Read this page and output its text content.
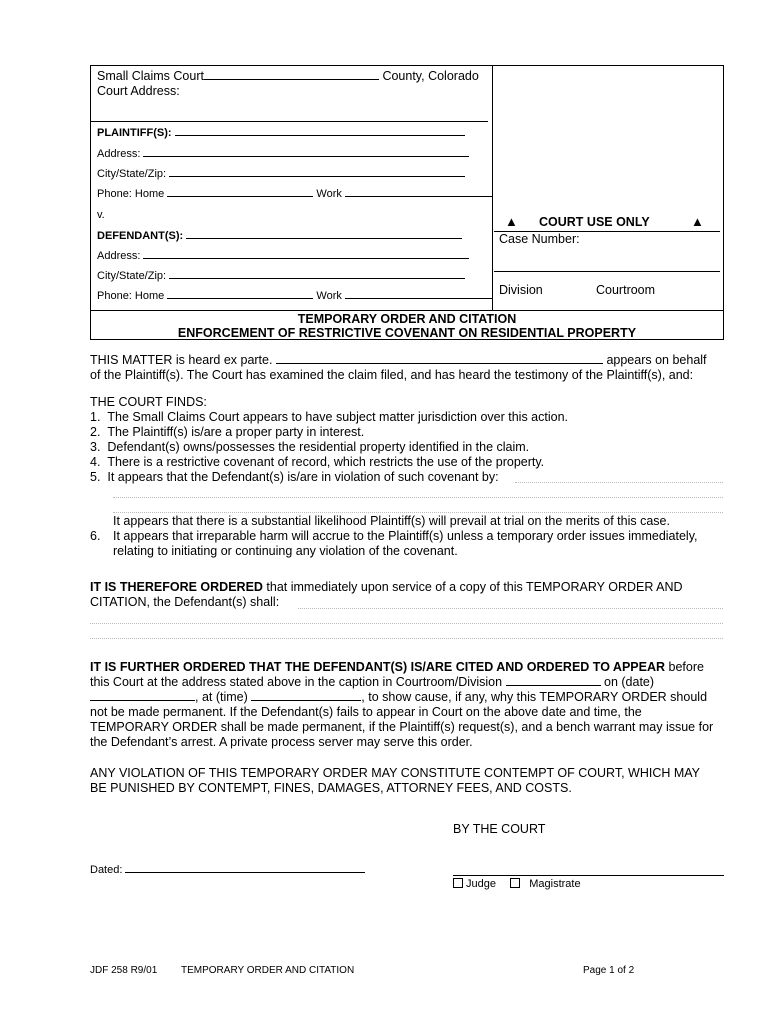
Small Claims Court	County, Colorado
Court Address:
PLAINTIFF(S):
Address:
City/State/Zip:
Phone: Home	Work
v.
DEFENDANT(S):
Address:
City/State/Zip:
Phone: Home	Work
▲ COURT USE ONLY	▲
Case Number:
Division	Courtroom
TEMPORARY ORDER AND CITATION
ENFORCEMENT OF RESTRICTIVE COVENANT ON RESIDENTIAL PROPERTY
THIS MATTER is heard ex parte.	appears on behalf
of the Plaintiff(s). The Court has examined the claim filed, and has heard the testimony of the Plaintiff(s), and:
THE COURT FINDS:
1. The Small Claims Court appears to have subject matter jurisdiction over this action.
2. The Plaintiff(s) is/are a proper party in interest.
3. Defendant(s) owns/possesses the residential property identified in the claim.
4. There is a restrictive covenant of record, which restricts the use of the property.
5. It appears that the Defendant(s) is/are in violation of such covenant by:
It appears that there is a substantial likelihood Plaintiff(s) will prevail at trial on the merits of this case.
6. It appears that irreparable harm will accrue to the Plaintiff(s) unless a temporary order issues immediately,
relating to initiating or continuing any violation of the covenant.
IT IS THEREFORE ORDERED that immediately upon service of a copy of this TEMPORARY ORDER AND
CITATION, the Defendant(s) shall:
IT IS FURTHER ORDERED THAT THE DEFENDANT(S) IS/ARE CITED AND ORDERED TO APPEAR before
this Court at the address stated above in the caption in Courtroom/Division	on (date)
, at (time)	, to show cause, if any, why this TEMPORARY ORDER should
not be made permanent. If the Defendant(s) fails to appear in Court on the above date and time, the
TEMPORARY ORDER shall be made permanent, if the Plaintiff(s) request(s), and a bench warrant may issue for
the Defendant’s arrest. A private process server may serve this order.
ANY VIOLATION OF THIS TEMPORARY ORDER MAY CONSTITUTE CONTEMPT OF COURT, WHICH MAY
BE PUNISHED BY CONTEMPT, FINES, DAMAGES, ATTORNEY FEES, AND COSTS.
BY THE COURT
Dated:
Judge	Magistrate
JDF 258 R9/01 TEMPORARY ORDER AND CITATION	Page 1 of 2
